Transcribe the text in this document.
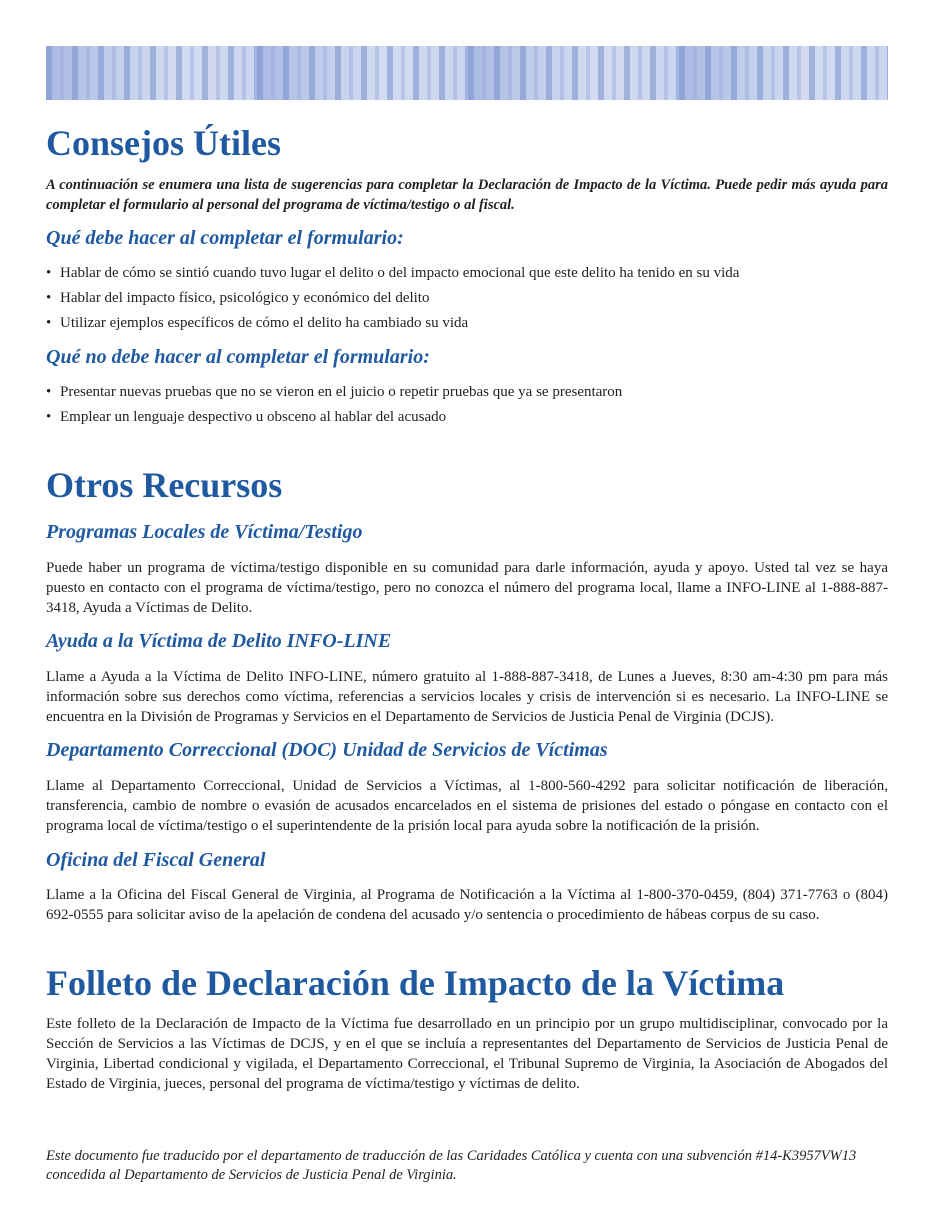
Consejos Útiles

A continuación se enumera una lista de sugerencias para completar la Declaración de Impacto de la Víctima. Puede pedir más ayuda para completar el formulario al personal del programa de víctima/testigo o al fiscal.

Qué debe hacer al completar el formulario:
• Hablar de cómo se sintió cuando tuvo lugar el delito o del impacto emocional que este delito ha tenido en su vida
• Hablar del impacto físico, psicológico y económico del delito
• Utilizar ejemplos específicos de cómo el delito ha cambiado su vida
Qué no debe hacer al completar el formulario:
• Presentar nuevas pruebas que no se vieron en el juicio o repetir pruebas que ya se presentaron
• Emplear un lenguaje despectivo u obsceno al hablar del acusado
Otros Recursos
Programas Locales de Víctima/Testigo

Puede haber un programa de víctima/testigo disponible en su comunidad para darle información, ayuda y apoyo. Usted tal vez se haya puesto en contacto con el programa de víctima/testigo, pero no conozca el número del programa local, llame a INFO-LINE al 1-888-887-3418, Ayuda a Víctimas de Delito.

Ayuda a la Víctima de Delito INFO-LINE

Llame a Ayuda a la Víctima de Delito INFO-LINE, número gratuito al 1-888-887-3418, de Lunes a Jueves, 8:30 am-4:30 pm para más información sobre sus derechos como víctima, referencias a servicios locales y crisis de intervención si es necesario. La INFO-LINE se encuentra en la División de Programas y Servicios en el Departamento de Servicios de Justicia Penal de Virginia (DCJS).

Departamento Correccional (DOC) Unidad de Servicios de Víctimas

Llame al Departamento Correccional, Unidad de Servicios a Víctimas, al 1-800-560-4292 para solicitar notificación de liberación, transferencia, cambio de nombre o evasión de acusados encarcelados en el sistema de prisiones del estado o póngase en contacto con el programa local de víctima/testigo o el superintendente de la prisión local para ayuda sobre la notificación de la prisión.

Oficina del Fiscal General

Llame a la Oficina del Fiscal General de Virginia, al Programa de Notificación a la Víctima al 1-800-370-0459, (804) 371-7763 o (804) 692-0555 para solicitar aviso de la apelación de condena del acusado y/o sentencia o procedimiento de hábeas corpus de su caso.

Folleto de Declaración de Impacto de la Víctima

Este folleto de la Declaración de Impacto de la Víctima fue desarrollado en un principio por un grupo multidisciplinar, convocado por la Sección de Servicios a las Víctimas de DCJS, y en el que se incluía a representantes del Departamento de Servicios de Justicia Penal de Virginia, Libertad condicional y vigilada, el Departamento Correccional, el Tribunal Supremo de Virginia, la Asociación de Abogados del Estado de Virginia, jueces, personal del programa de víctima/testigo y víctimas de delito.

Este documento fue traducido por el departamento de traducción de las Caridades Católica y cuenta con una subvención #14-K3957VW13 concedida al Departamento de Servicios de Justicia Penal de Virginia.
